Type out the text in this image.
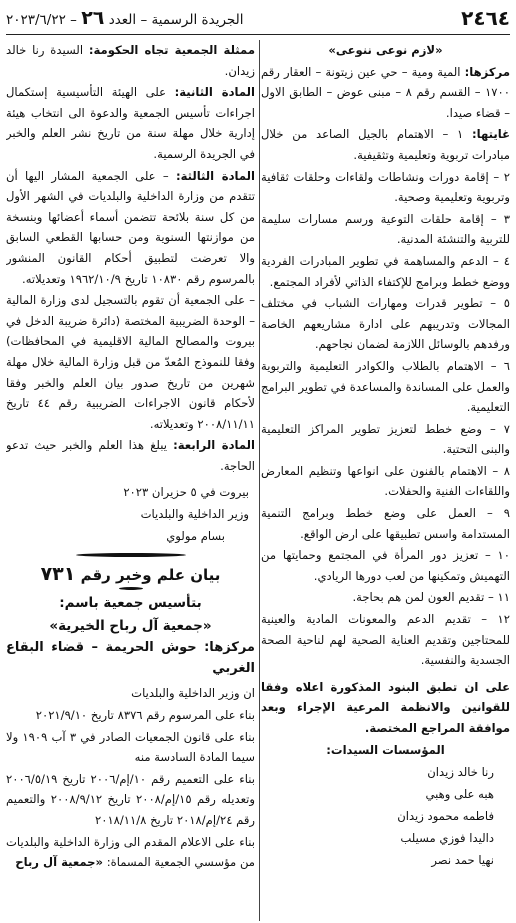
٢٤٦٤
الجريدة الرسمية – العدد ٢٦ – ٢٠٢٣/٦/٢٢

«لازم نوعى ننوعى»

مركزها: المية ومية – حي عين زيتونة – العقار رقم ١٧٠٠ – القسم رقم ٨ – مبنى عوض – الطابق الاول – قضاء صيدا.

غايتها: ١ – الاهتمام بالجيل الصاعد من خلال مبادرات تربوية وتعليمية وتثقيفية.

٢ – إقامة دورات ونشاطات ولقاءات وحلقات ثقافية وتربوية وتعليمية وصحية.

٣ – إقامة حلقات التوعية ورسم مسارات سليمة للتربية والتنشئة المدنية.

٤ – الدعم والمساهمة في تطوير المبادرات الفردية ووضع خطط وبرامج للإكتفاء الذاتي لأفراد المجتمع.

٥ – تطوير قدرات ومهارات الشباب في مختلف المجالات وتدريبهم على ادارة مشاريعهم الخاصة ورفدهم بالوسائل اللازمة لضمان نجاحهم.

٦ – الاهتمام بالطلاب والكوادر التعليمية والتربوية والعمل على المساندة والمساعدة في تطوير البرامج التعليمية.

٧ – وضع خطط لتعزيز تطوير المراكز التعليمية والبنى التحتية.

٨ – الاهتمام بالفنون على انواعها وتنظيم المعارض واللقاءات الفنية والحفلات.

٩ – العمل على وضع خطط وبرامج التنمية المستدامة واسس تطبيقها على ارض الواقع.

١٠ – تعزيز دور المرأة في المجتمع وحمايتها من التهميش وتمكينها من لعب دورها الريادي.

١١ – تقديم العون لمن هم بحاجة.

١٢ – تقديم الدعم والمعونات المادية والعينية للمحتاجين وتقديم العناية الصحية لهم لناحية الصحة الجسدية والنفسية.

على ان تطبق البنود المذكورة اعلاه وفقا للقوانين والانظمة المرعية الإجراء وبعد موافقة المراجع المختصة.

المؤسسات السيدات:

رنا خالد زيدان
هبه على وهبي
فاطمه محمود زيدان
داليدا فوزي مسيلب
نهيا حمد نصر

ممثلة الجمعية تجاه الحكومة: السيدة رنا خالد زيدان.

المادة الثانية: على الهيئة التأسيسية إستكمال اجراءات تأسيس الجمعية والدعوة الى انتخاب هيئة إدارية خلال مهلة سنة من تاريخ نشر العلم والخبر في الجريدة الرسمية.

المادة الثالثة: – على الجمعية المشار اليها أن تتقدم من وزارة الداخلية والبلديات في الشهر الأول من كل سنة بلائحة تتضمن أسماء أعضائها وبنسخة من موازنتها السنوية ومن حسابها القطعي السابق والا تعرضت لتطبيق أحكام القانون المنشور بالمرسوم رقم ١٠٨٣٠ تاريخ ١٩٦٢/١٠/٩ وتعديلاته.

– على الجمعية أن تقوم بالتسجيل لدى وزارة المالية – الوحدة الضريبية المختصة (دائرة ضريبة الدخل في بيروت والمصالح المالية الاقليمية في المحافظات) وفقا للنموذج المُعدّ من قبل وزارة المالية خلال مهلة شهرين من تاريخ صدور بيان العلم والخبر وفقا لأحكام قانون الاجراءات الضريبية رقم ٤٤ تاريخ ٢٠٠٨/١١/١١ وتعديلاته.

المادة الرابعة: يبلغ هذا العلم والخبر حيث تدعو الحاجة.

بيروت في ٥ حزيران ٢٠٢٣

وزير الداخلية والبلديات

بسام مولوي

بيان علم وخبر رقم ٧٣١
بتأسيس جمعية باسم:
«جمعية آل رباح الخيرية»

مركزها: حوش الحريمة – قضاء البقاع الغربي

ان وزير الداخلية والبلديات

بناء على المرسوم رقم ٨٣٧٦ تاريخ ٢٠٢١/٩/١٠

بناء على قانون الجمعيات الصادر في ٣ آب ١٩٠٩ ولا سيما المادة السادسة منه

بناء على التعميم رقم ١٠/إم/٢٠٠٦ تاريخ ٢٠٠٦/٥/١٩ وتعديله رقم ١٥/إم/٢٠٠٨ تاريخ ٢٠٠٨/٩/١٢ والتعميم رقم ٢٤/إم/٢٠١٨ تاريخ ٢٠١٨/١١/٨

بناء على الاعلام المقدم الى وزارة الداخلية والبلديات من مؤسسي الجمعية المسماة: «جمعية آل رباح
